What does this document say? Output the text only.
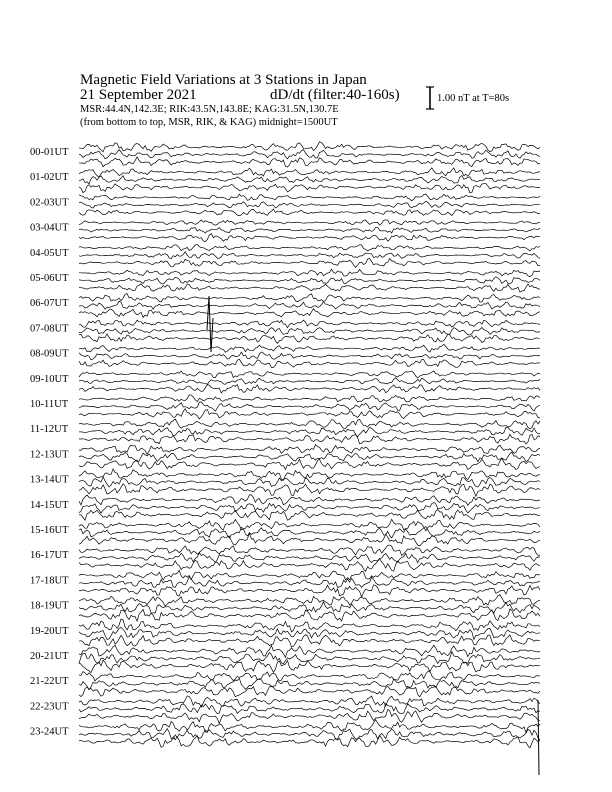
Magnetic Field Variations at 3 Stations in Japan
21 September 2021	dD/dt (filter:40-160s)
MSR:44.4N,142.3E; RIK:43.5N,143.8E; KAG:31.5N,130.7E
(from bottom to top, MSR, RIK, & KAG) midnight=1500UT
1.00 nT at T=80s
00-01UT
01-02UT
02-03UT
03-04UT
04-05UT
05-06UT
06-07UT
07-08UT
08-09UT
09-10UT
10-11UT
11-12UT
12-13UT
13-14UT
14-15UT
15-16UT
16-17UT
17-18UT
18-19UT
19-20UT
20-21UT
21-22UT
22-23UT
23-24UT
